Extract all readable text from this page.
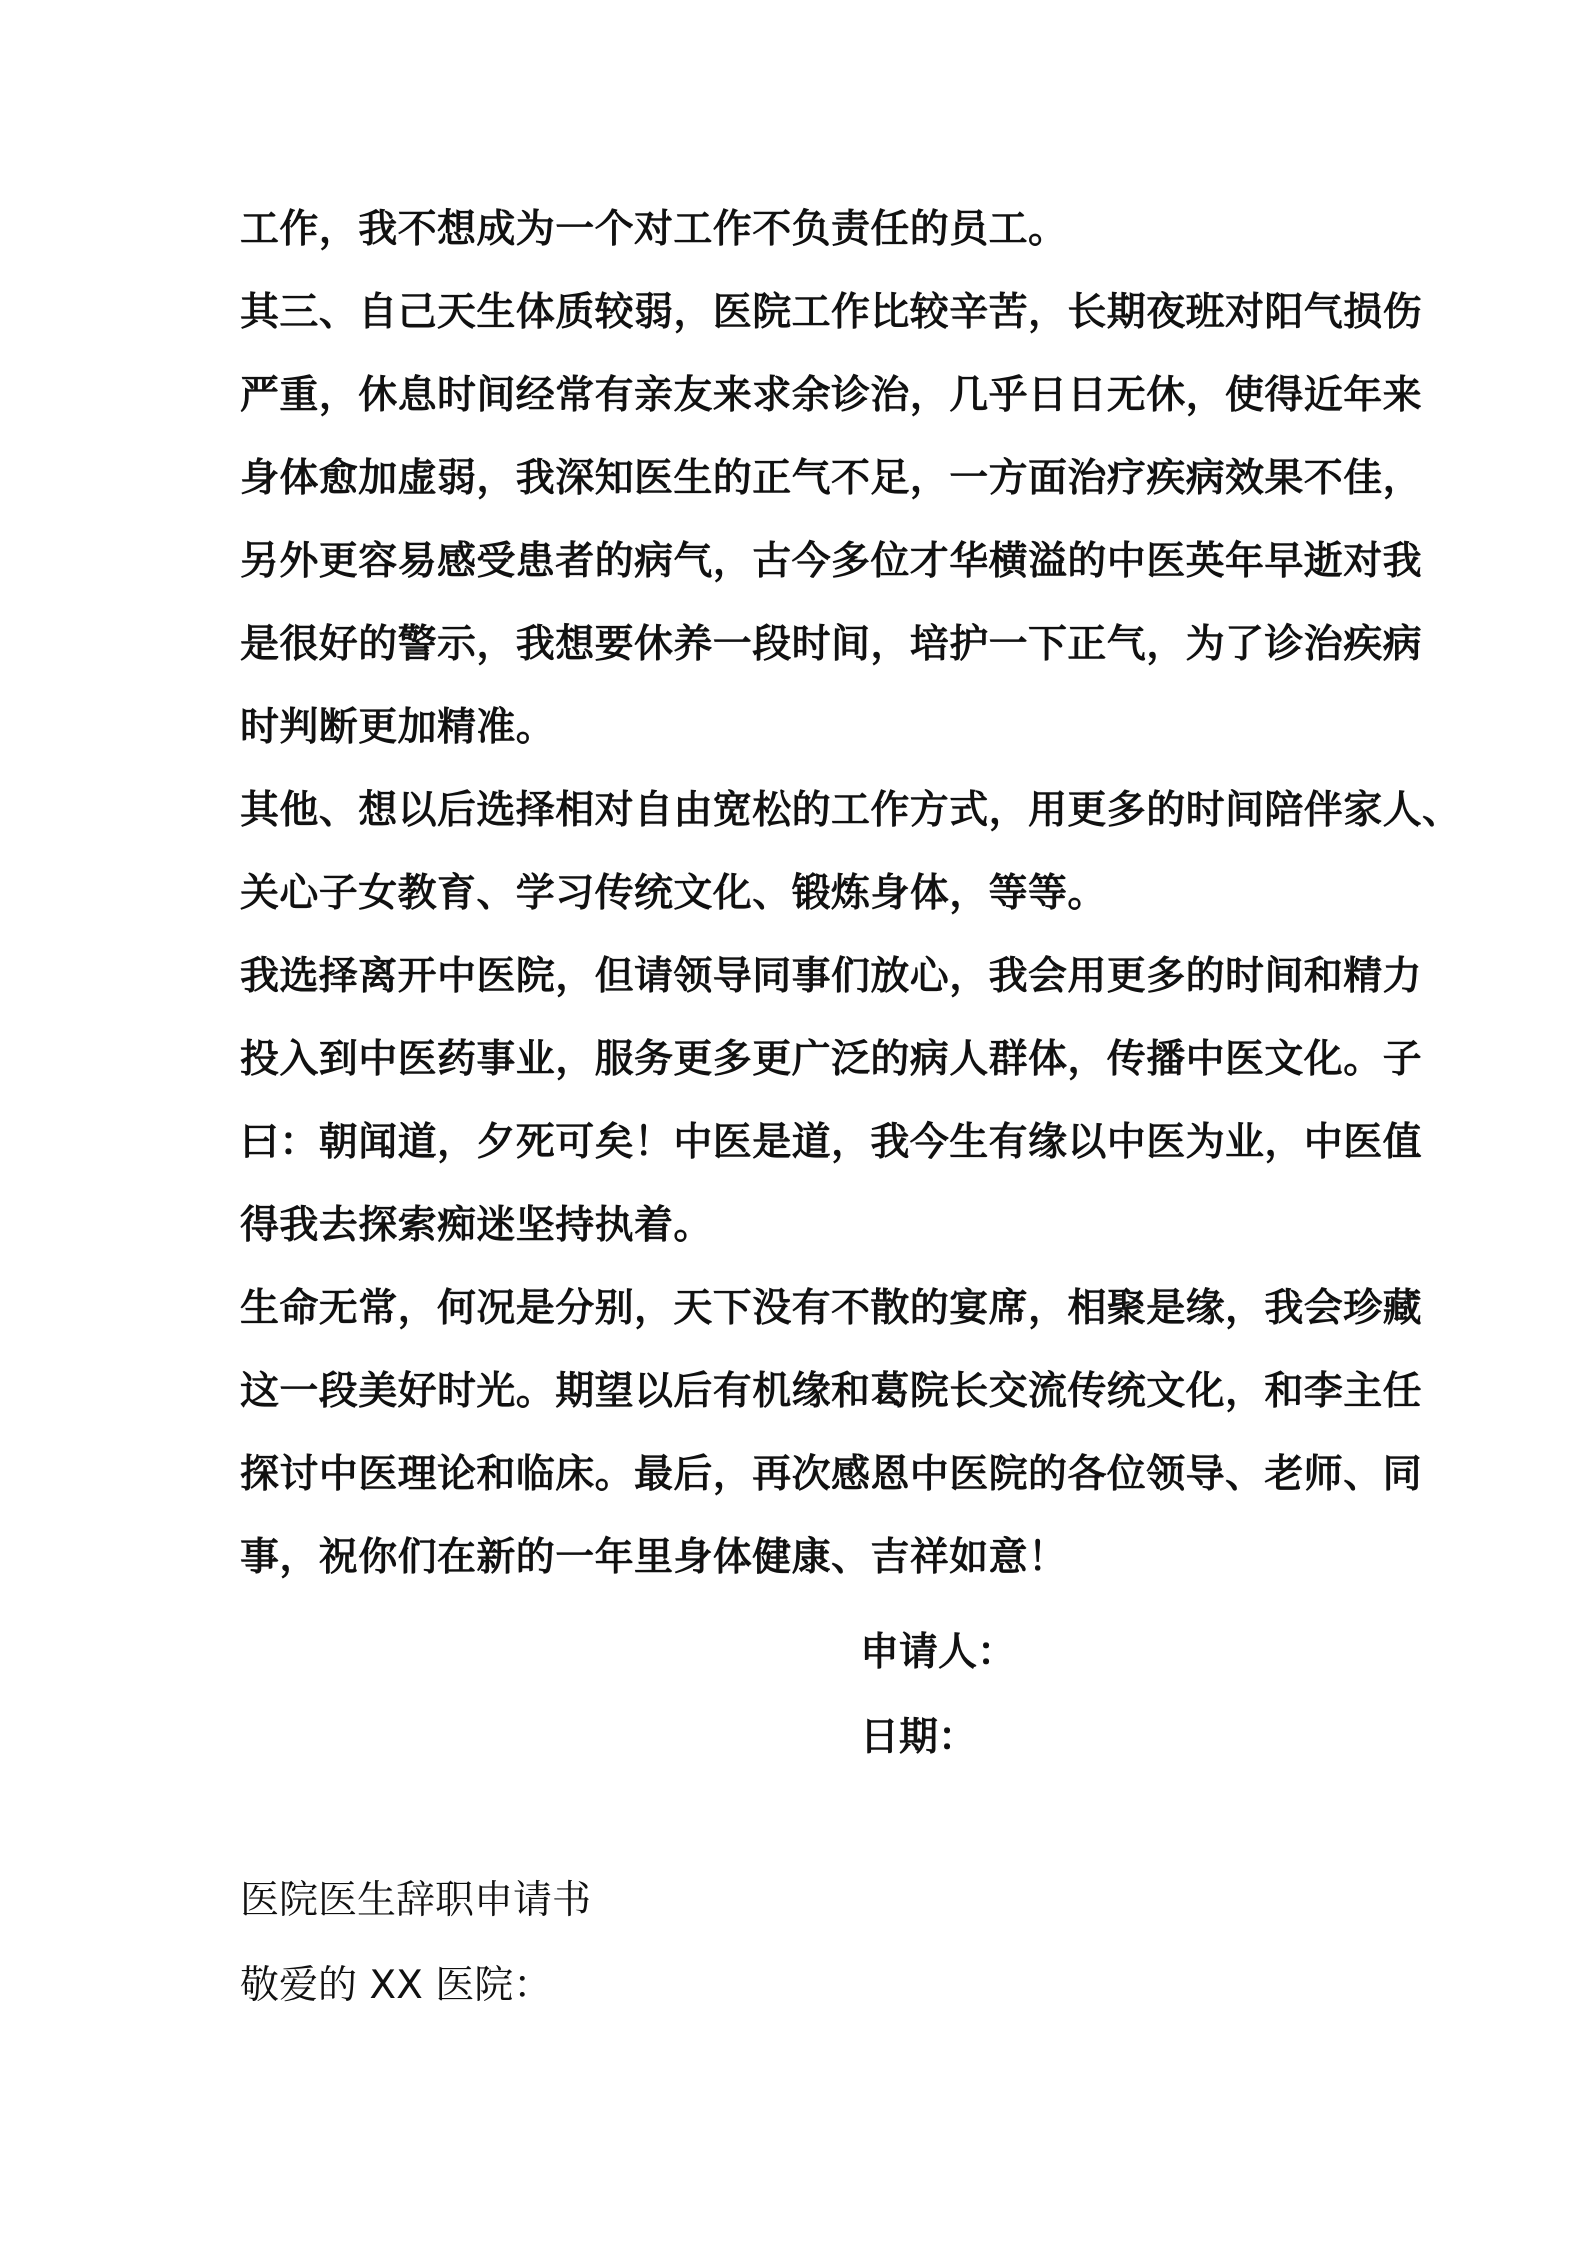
工作，我不想成为一个对工作不负责任的员工。
其三、自己天生体质较弱，医院工作比较辛苦，长期夜班对阳气损伤
严重，休息时间经常有亲友来求余诊治，几乎日日无休，使得近年来
身体愈加虚弱，我深知医生的正气不足，一方面治疗疾病效果不佳，
另外更容易感受患者的病气，古今多位才华横溢的中医英年早逝对我
是很好的警示，我想要休养一段时间，培护一下正气，为了诊治疾病
时判断更加精准。
其他、想以后选择相对自由宽松的工作方式，用更多的时间陪伴家人、
关心子女教育、学习传统文化、锻炼身体，等等。
我选择离开中医院，但请领导同事们放心，我会用更多的时间和精力
投入到中医药事业，服务更多更广泛的病人群体，传播中医文化。子
曰：朝闻道，夕死可矣！中医是道，我今生有缘以中医为业，中医值
得我去探索痴迷坚持执着。
生命无常，何况是分别，天下没有不散的宴席，相聚是缘，我会珍藏
这一段美好时光。期望以后有机缘和葛院长交流传统文化，和李主任
探讨中医理论和临床。最后，再次感恩中医院的各位领导、老师、同
事，祝你们在新的一年里身体健康、吉祥如意！
申请人：
日期：
医院医生辞职申请书
敬爱的 XX 医院：
